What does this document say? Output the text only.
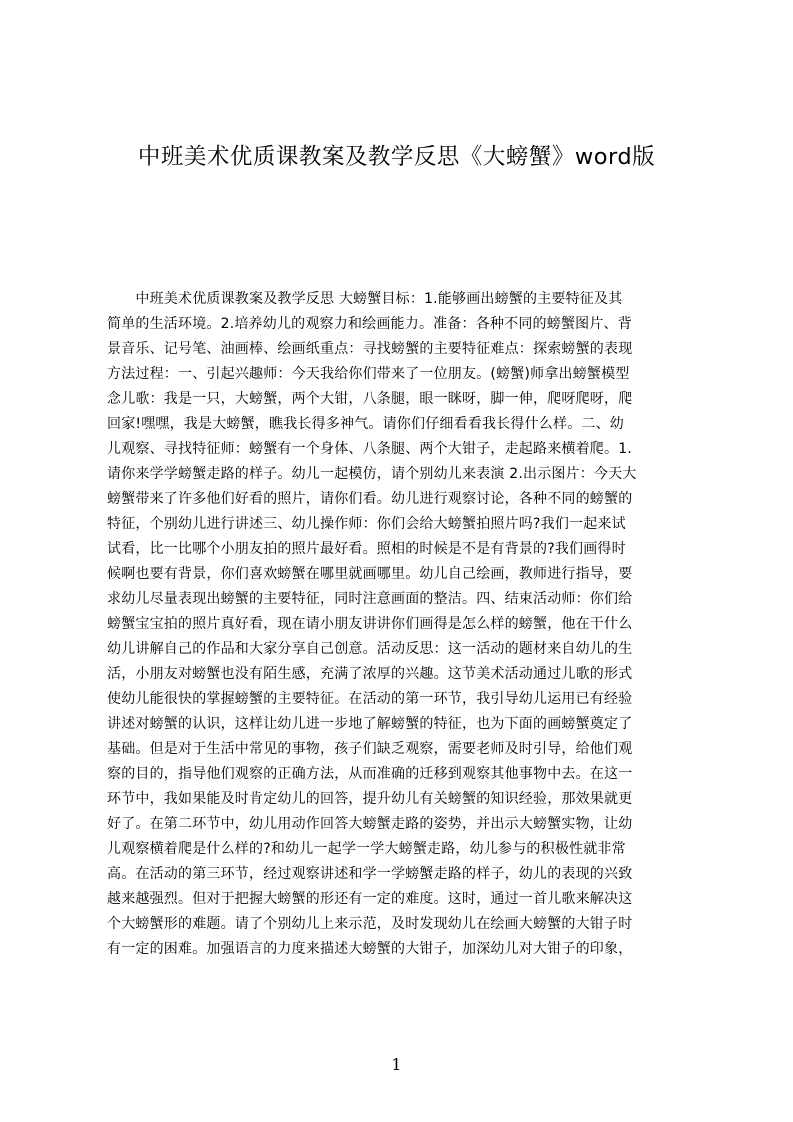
中班美术优质课教案及教学反思《大螃蟹》word版
　　中班美术优质课教案及教学反思 大螃蟹目标：1.能够画出螃蟹的主要特征及其
简单的生活环境。2.培养幼儿的观察力和绘画能力。准备：各种不同的螃蟹图片、背
景音乐、记号笔、油画棒、绘画纸重点：寻找螃蟹的主要特征难点：探索螃蟹的表现
方法过程：一、引起兴趣师：今天我给你们带来了一位朋友。(螃蟹)师拿出螃蟹模型
念儿歌：我是一只，大螃蟹，两个大钳，八条腿，眼一眯呀，脚一伸，爬呀爬呀，爬
回家!嘿嘿，我是大螃蟹，瞧我长得多神气。请你们仔细看看我长得什么样。二、幼
儿观察、寻找特征师：螃蟹有一个身体、八条腿、两个大钳子，走起路来横着爬。1.
请你来学学螃蟹走路的样子。幼儿一起模仿，请个别幼儿来表演 2.出示图片：今天大
螃蟹带来了许多他们好看的照片，请你们看。幼儿进行观察讨论，各种不同的螃蟹的
特征，个别幼儿进行讲述三、幼儿操作师：你们会给大螃蟹拍照片吗?我们一起来试
试看，比一比哪个小朋友拍的照片最好看。照相的时候是不是有背景的?我们画得时
候啊也要有背景，你们喜欢螃蟹在哪里就画哪里。幼儿自己绘画，教师进行指导，要
求幼儿尽量表现出螃蟹的主要特征，同时注意画面的整洁。四、结束活动师：你们给
螃蟹宝宝拍的照片真好看，现在请小朋友讲讲你们画得是怎么样的螃蟹，他在干什么
幼儿讲解自己的作品和大家分享自己创意。活动反思：这一活动的题材来自幼儿的生
活，小朋友对螃蟹也没有陌生感，充满了浓厚的兴趣。这节美术活动通过儿歌的形式
使幼儿能很快的掌握螃蟹的主要特征。在活动的第一环节，我引导幼儿运用已有经验
讲述对螃蟹的认识，这样让幼儿进一步地了解螃蟹的特征，也为下面的画螃蟹奠定了
基础。但是对于生活中常见的事物，孩子们缺乏观察，需要老师及时引导，给他们观
察的目的，指导他们观察的正确方法，从而准确的迁移到观察其他事物中去。在这一
环节中，我如果能及时肯定幼儿的回答，提升幼儿有关螃蟹的知识经验，那效果就更
好了。在第二环节中，幼儿用动作回答大螃蟹走路的姿势，并出示大螃蟹实物，让幼
儿观察横着爬是什么样的?和幼儿一起学一学大螃蟹走路，幼儿参与的积极性就非常
高。在活动的第三环节，经过观察讲述和学一学螃蟹走路的样子，幼儿的表现的兴致
越来越强烈。但对于把握大螃蟹的形还有一定的难度。这时，通过一首儿歌来解决这
个大螃蟹形的难题。请了个别幼儿上来示范，及时发现幼儿在绘画大螃蟹的大钳子时
有一定的困难。加强语言的力度来描述大螃蟹的大钳子，加深幼儿对大钳子的印象，
1
